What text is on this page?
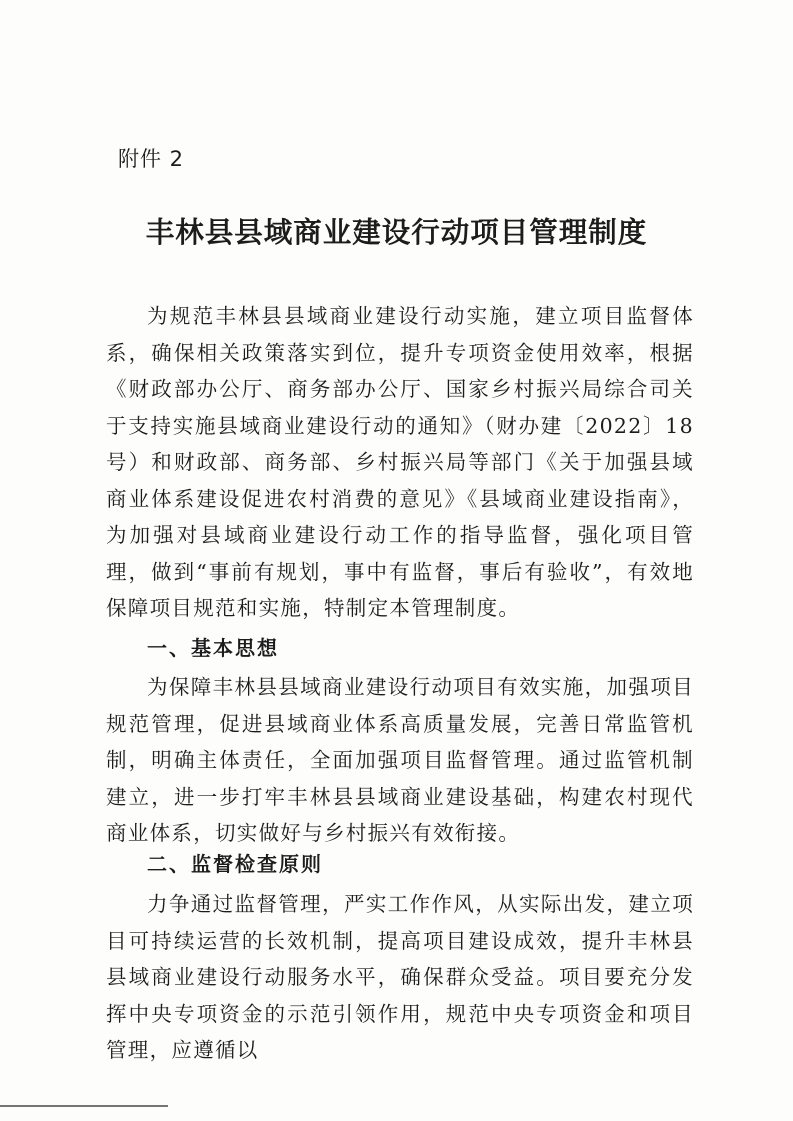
附件 2

丰林县县域商业建设行动项目管理制度

为规范丰林县县域商业建设行动实施，建立项目监督体系，确保相关政策落实到位，提升专项资金使用效率，根据《财政部办公厅、商务部办公厅、国家乡村振兴局综合司关于支持实施县域商业建设行动的通知》（财办建〔2022〕18号）和财政部、商务部、乡村振兴局等部门《关于加强县域商业体系建设促进农村消费的意见》《县域商业建设指南》，为加强对县域商业建设行动工作的指导监督，强化项目管理，做到“事前有规划，事中有监督，事后有验收”，有效地保障项目规范和实施，特制定本管理制度。

一、基本思想

为保障丰林县县域商业建设行动项目有效实施，加强项目规范管理，促进县域商业体系高质量发展，完善日常监管机制，明确主体责任，全面加强项目监督管理。通过监管机制建立，进一步打牢丰林县县域商业建设基础，构建农村现代商业体系，切实做好与乡村振兴有效衔接。

二、监督检查原则

力争通过监督管理，严实工作作风，从实际出发，建立项目可持续运营的长效机制，提高项目建设成效，提升丰林县县域商业建设行动服务水平，确保群众受益。项目要充分发挥中央专项资金的示范引领作用，规范中央专项资金和项目管理，应遵循以
